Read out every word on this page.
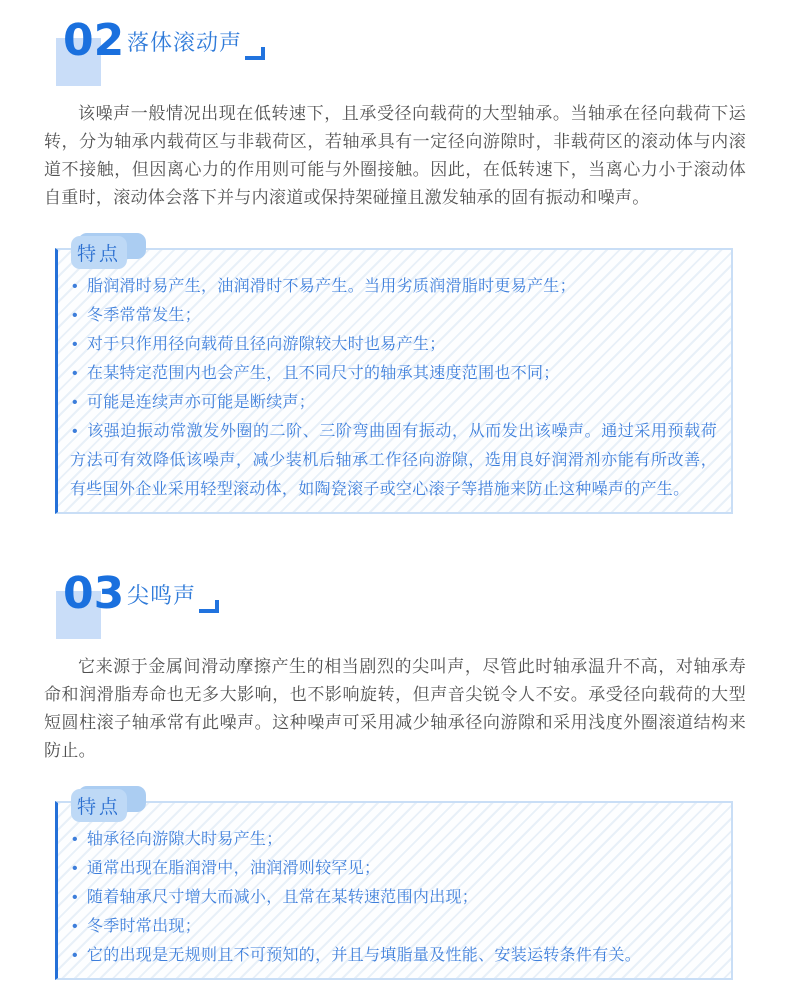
02 落体滚动声

该噪声一般情况出现在低转速下，且承受径向载荷的大型轴承。当轴承在径向载荷下运转，分为轴承内载荷区与非载荷区，若轴承具有一定径向游隙时，非载荷区的滚动体与内滚道不接触，但因离心力的作用则可能与外圈接触。因此，在低转速下，当离心力小于滚动体自重时，滚动体会落下并与内滚道或保持架碰撞且激发轴承的固有振动和噪声。

特点
• 脂润滑时易产生，油润滑时不易产生。当用劣质润滑脂时更易产生；
• 冬季常常发生；
• 对于只作用径向载荷且径向游隙较大时也易产生；
• 在某特定范围内也会产生，且不同尺寸的轴承其速度范围也不同；
• 可能是连续声亦可能是断续声；
• 该强迫振动常激发外圈的二阶、三阶弯曲固有振动，从而发出该噪声。通过采用预载荷方法可有效降低该噪声，减少装机后轴承工作径向游隙，选用良好润滑剂亦能有所改善，有些国外企业采用轻型滚动体，如陶瓷滚子或空心滚子等措施来防止这种噪声的产生。
03 尖鸣声

它来源于金属间滑动摩擦产生的相当剧烈的尖叫声，尽管此时轴承温升不高，对轴承寿命和润滑脂寿命也无多大影响，也不影响旋转，但声音尖锐令人不安。承受径向载荷的大型短圆柱滚子轴承常有此噪声。这种噪声可采用减少轴承径向游隙和采用浅度外圈滚道结构来防止。

特点
• 轴承径向游隙大时易产生；
• 通常出现在脂润滑中，油润滑则较罕见；
• 随着轴承尺寸增大而减小，且常在某转速范围内出现；
• 冬季时常出现；
• 它的出现是无规则且不可预知的，并且与填脂量及性能、安装运转条件有关。
